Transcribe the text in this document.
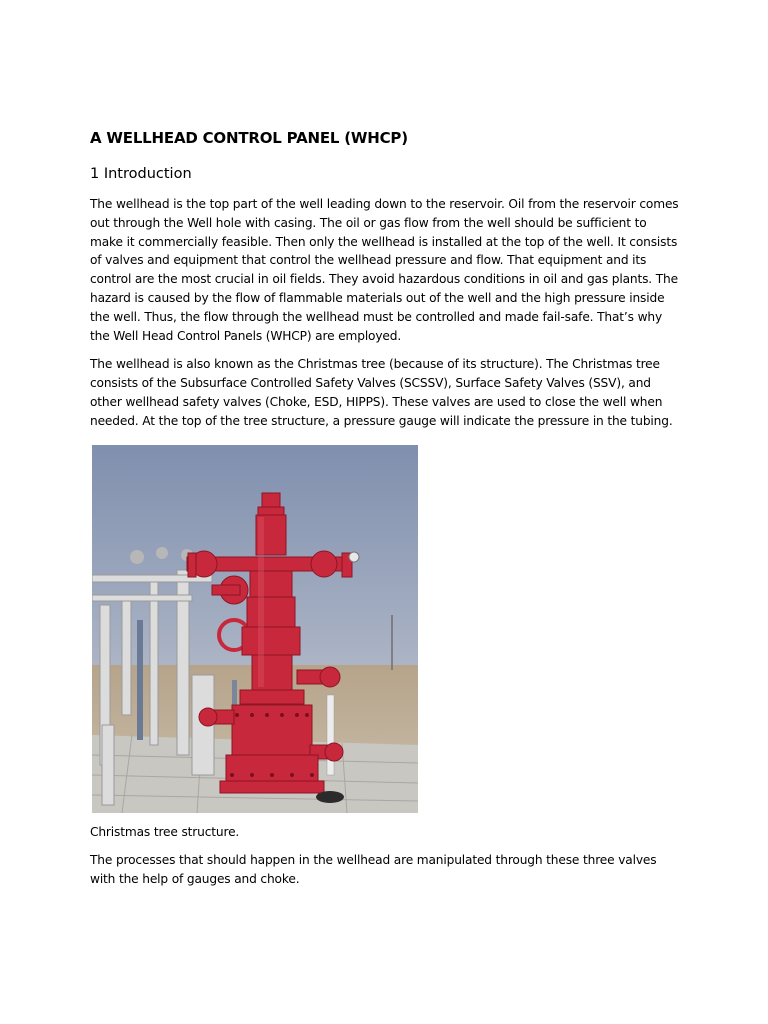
A WELLHEAD CONTROL PANEL (WHCP)
1 Introduction

The wellhead is the top part of the well leading down to the reservoir. Oil from the reservoir comes out through the Well hole with casing. The oil or gas flow from the well should be sufficient to make it commercially feasible. Then only the wellhead is installed at the top of the well. It consists of valves and equipment that control the wellhead pressure and flow. That equipment and its control are the most crucial in oil fields. They avoid hazardous conditions in oil and gas plants. The hazard is caused by the flow of flammable materials out of the well and the high pressure inside the well. Thus, the flow through the wellhead must be controlled and made fail-safe. That’s why the Well Head Control Panels (WHCP) are employed.

The wellhead is also known as the Christmas tree (because of its structure). The Christmas tree consists of the Subsurface Controlled Safety Valves (SCSSV), Surface Safety Valves (SSV), and other wellhead safety valves (Choke, ESD, HIPPS). These valves are used to close the well when needed. At the top of the tree structure, a pressure gauge will indicate the pressure in the tubing.

Christmas tree structure.

The processes that should happen in the wellhead are manipulated through these three valves with the help of gauges and choke.
